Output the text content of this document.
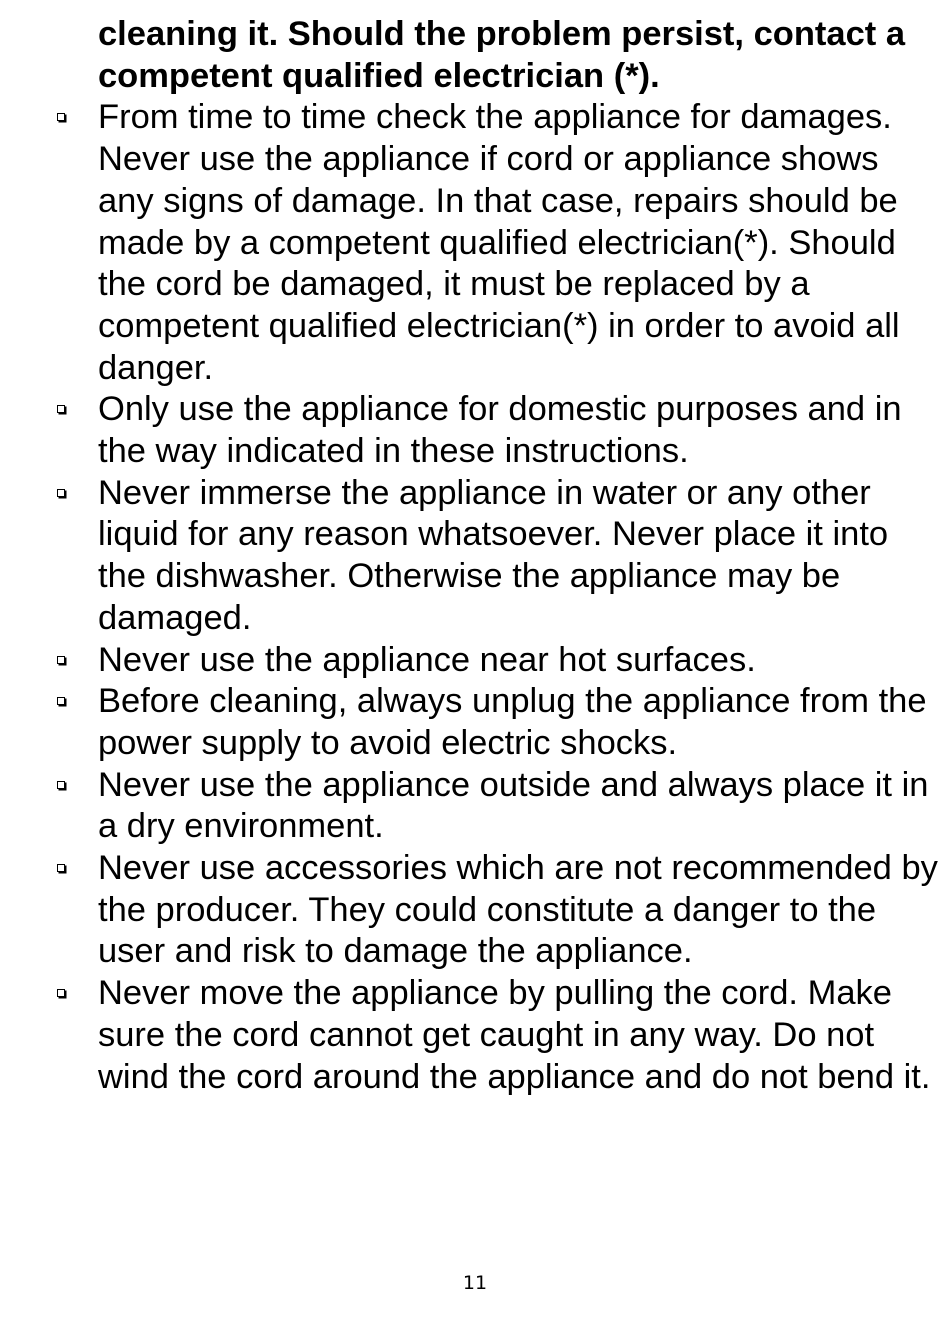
cleaning it. Should the problem persist, contact a competent qualified electrician (*).

From time to time check the appliance for damages. Never use the appliance if cord or appliance shows any signs of damage. In that case, repairs should be made by a competent qualified electrician(*). Should the cord be damaged, it must be replaced by a competent qualified electrician(*) in order to avoid all danger.
Only use the appliance for domestic purposes and in the way indicated in these instructions.
Never immerse the appliance in water or any other liquid for any reason whatsoever. Never place it into the dishwasher. Otherwise the appliance may be damaged.
Never use the appliance near hot surfaces.
Before cleaning, always unplug the appliance from the power supply to avoid electric shocks.
Never use the appliance outside and always place it in a dry environment.
Never use accessories which are not recommended by the producer. They could constitute a danger to the user and risk to damage the appliance.
Never move the appliance by pulling the cord. Make sure the cord cannot get caught in any way. Do not wind the cord around the appliance and do not bend it.
11
